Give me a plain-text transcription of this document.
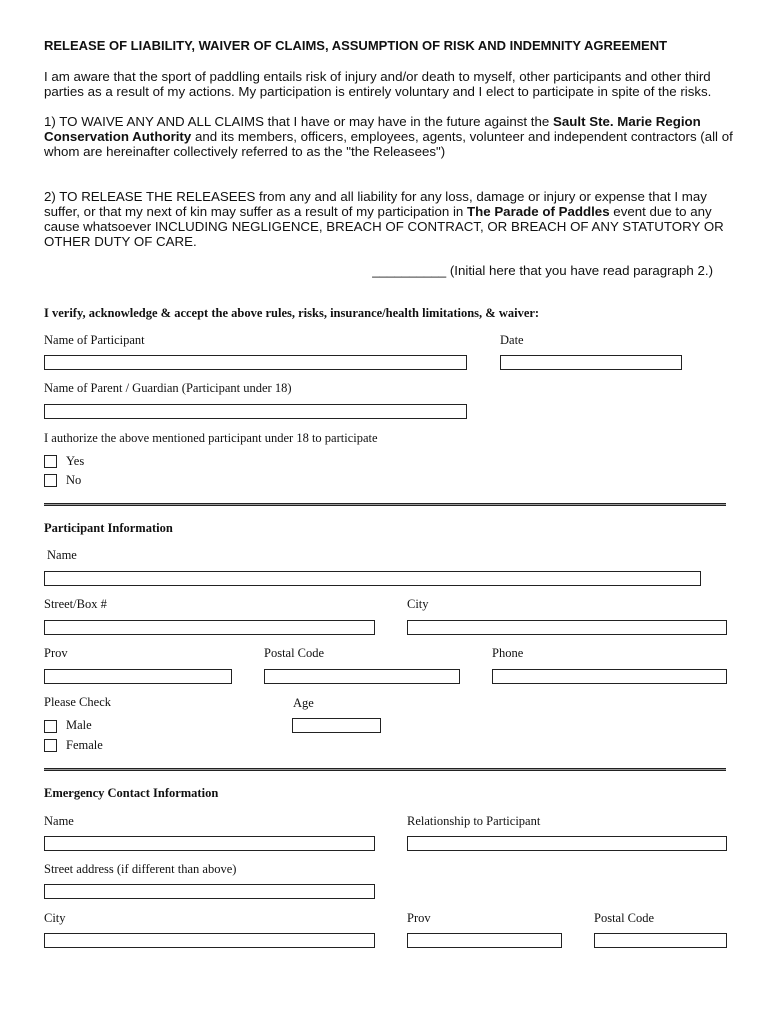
RELEASE OF LIABILITY, WAIVER OF CLAIMS, ASSUMPTION OF RISK AND INDEMNITY AGREEMENT
I am aware that the sport of paddling entails risk of injury and/or death to myself, other participants and other third parties as a result of my actions. My participation is entirely voluntary and I elect to participate in spite of the risks.
1) TO WAIVE ANY AND ALL CLAIMS that I have or may have in the future against the Sault Ste. Marie Region Conservation Authority and its members, officers, employees, agents, volunteer and independent contractors (all of whom are hereinafter collectively referred to as the "the Releasees")
2) TO RELEASE THE RELEASEES from any and all liability for any loss, damage or injury or expense that I may suffer, or that my next of kin may suffer as a result of my participation in The Parade of Paddles event due to any cause whatsoever INCLUDING NEGLIGENCE, BREACH OF CONTRACT, OR BREACH OF ANY STATUTORY OR OTHER DUTY OF CARE.
__________ (Initial here that you have read paragraph 2.)
I verify, acknowledge & accept the above rules, risks, insurance/health limitations, & waiver:
Name of Participant	Date
Name of Parent / Guardian (Participant under 18)
I authorize the above mentioned participant under 18 to participate
Yes
No
Participant Information
Name
Street/Box #	City
Prov	Postal Code	Phone
Please Check	Age
Male
Female
Emergency Contact Information
Name	Relationship to Participant
Street address (if different than above)
City	Prov	Postal Code
